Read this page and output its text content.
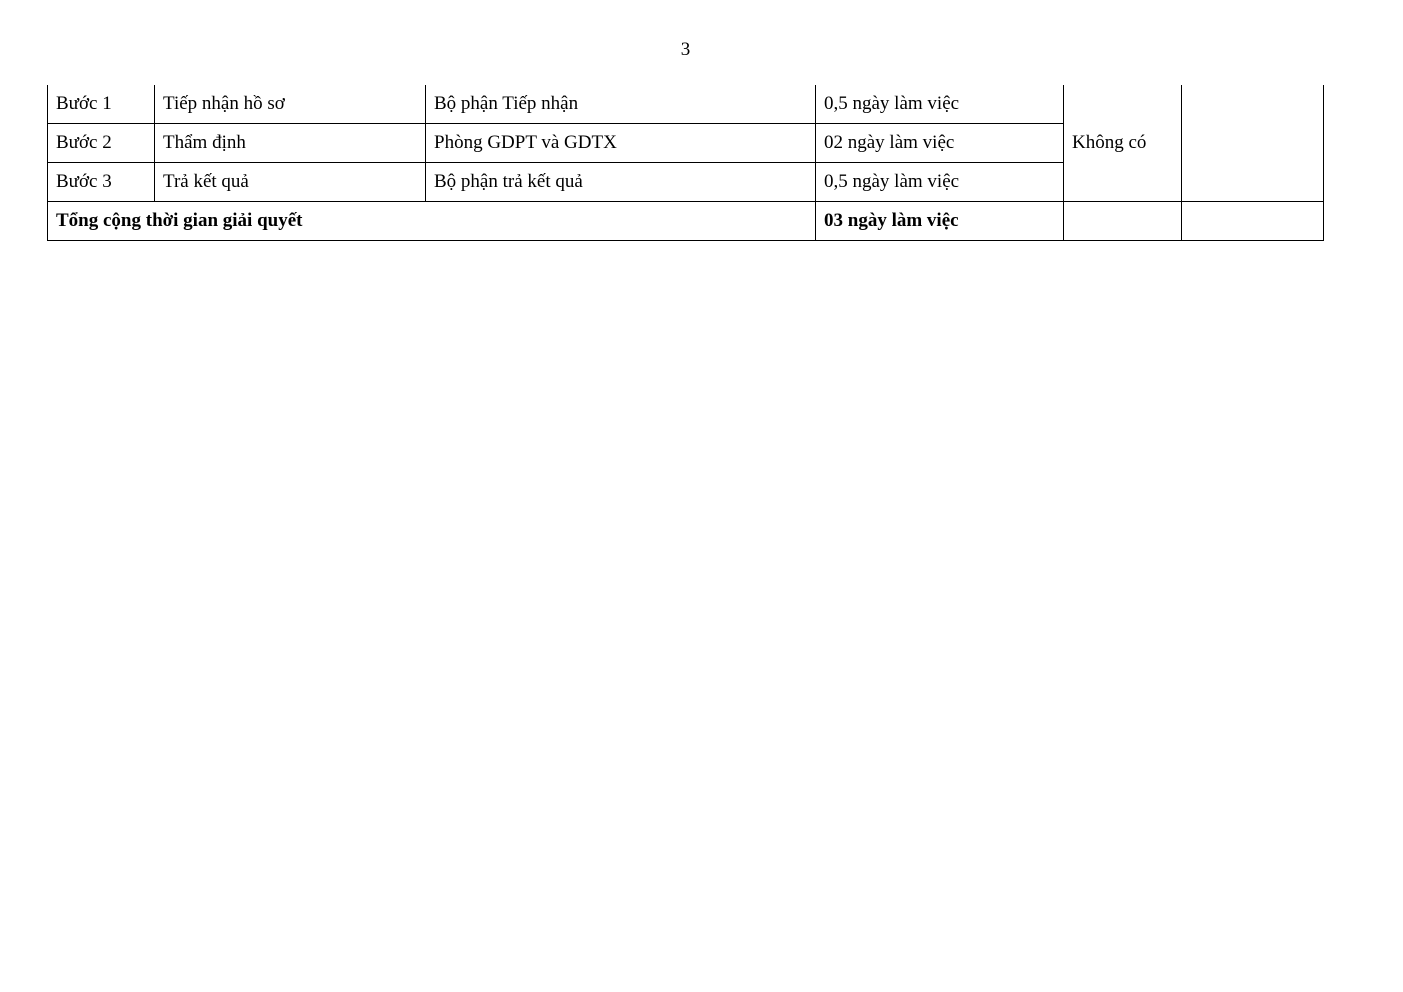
3
Bước 1	Tiếp nhận hồ sơ	Bộ phận Tiếp nhận	0,5 ngày làm việc	Không có	
Bước 2	Thẩm định	Phòng GDPT và GDTX	02 ngày làm việc		
Bước 3	Trả kết quả	Bộ phận trả kết quả	0,5 ngày làm việc		
Tổng cộng thời gian giải quyết			03 ngày làm việc		
